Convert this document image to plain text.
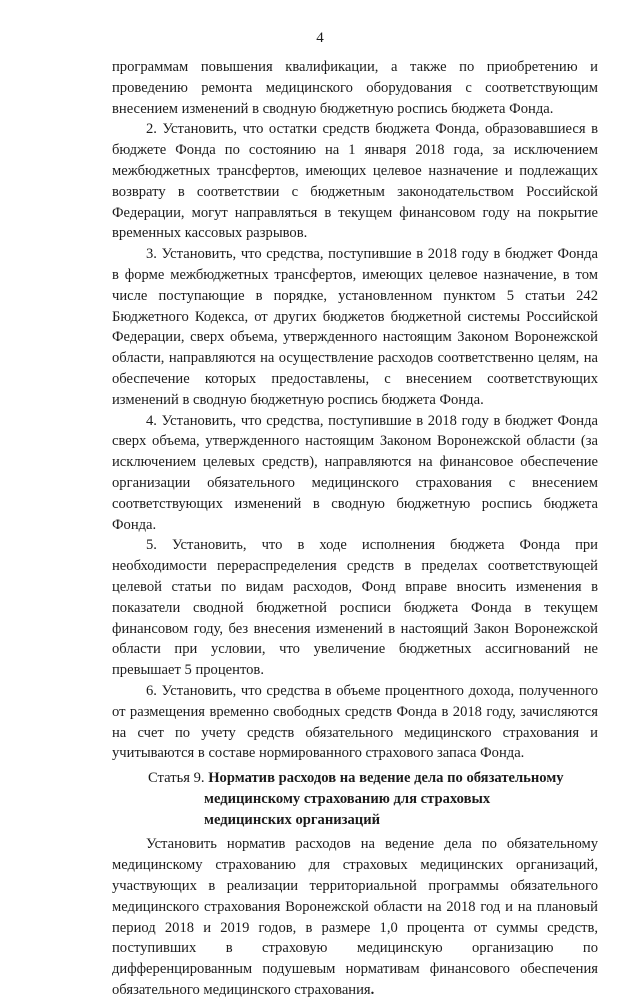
4

программам повышения квалификации, а также по приобретению и проведению ремонта медицинского оборудования с соответствующим внесением изменений в сводную бюджетную роспись бюджета Фонда.

2. Установить, что остатки средств бюджета Фонда, образовавшиеся в бюджете Фонда по состоянию на 1 января 2018 года, за исключением межбюджетных трансфертов, имеющих целевое назначение и подлежащих возврату в соответствии с бюджетным законодательством Российской Федерации, могут направляться в текущем финансовом году на покрытие временных кассовых разрывов.

3. Установить, что средства, поступившие в 2018 году в бюджет Фонда в форме межбюджетных трансфертов, имеющих целевое назначение, в том числе поступающие в порядке, установленном пунктом 5 статьи 242 Бюджетного Кодекса, от других бюджетов бюджетной системы Российской Федерации, сверх объема, утвержденного настоящим Законом Воронежской области, направляются на осуществление расходов соответственно целям, на обеспечение которых предоставлены, с внесением соответствующих изменений в сводную бюджетную роспись бюджета Фонда.

4. Установить, что средства, поступившие в 2018 году в бюджет Фонда сверх объема, утвержденного настоящим Законом Воронежской области (за исключением целевых средств), направляются на финансовое обеспечение организации обязательного медицинского страхования с внесением соответствующих изменений в сводную бюджетную роспись бюджета Фонда.

5. Установить, что в ходе исполнения бюджета Фонда при необходимости перераспределения средств в пределах соответствующей целевой статьи по видам расходов, Фонд вправе вносить изменения в показатели сводной бюджетной росписи бюджета Фонда в текущем финансовом году, без внесения изменений в настоящий Закон Воронежской области при условии, что увеличение бюджетных ассигнований не превышает 5 процентов.

6. Установить, что средства в объеме процентного дохода, полученного от размещения временно свободных средств Фонда в 2018 году, зачисляются на счет по учету средств обязательного медицинского страхования и учитываются в составе нормированного страхового запаса Фонда.

Статья 9. Норматив расходов на ведение дела по обязательному
медицинскому страхованию для страховых
медицинских организаций

Установить норматив расходов на ведение дела по обязательному медицинскому страхованию для страховых медицинских организаций, участвующих в реализации территориальной программы обязательного медицинского страхования Воронежской области на 2018 год и на плановый период 2018 и 2019 годов, в размере 1,0 процента от суммы средств, поступивших в страховую медицинскую организацию по дифференцированным подушевым нормативам финансового обеспечения обязательного медицинского страхования.
